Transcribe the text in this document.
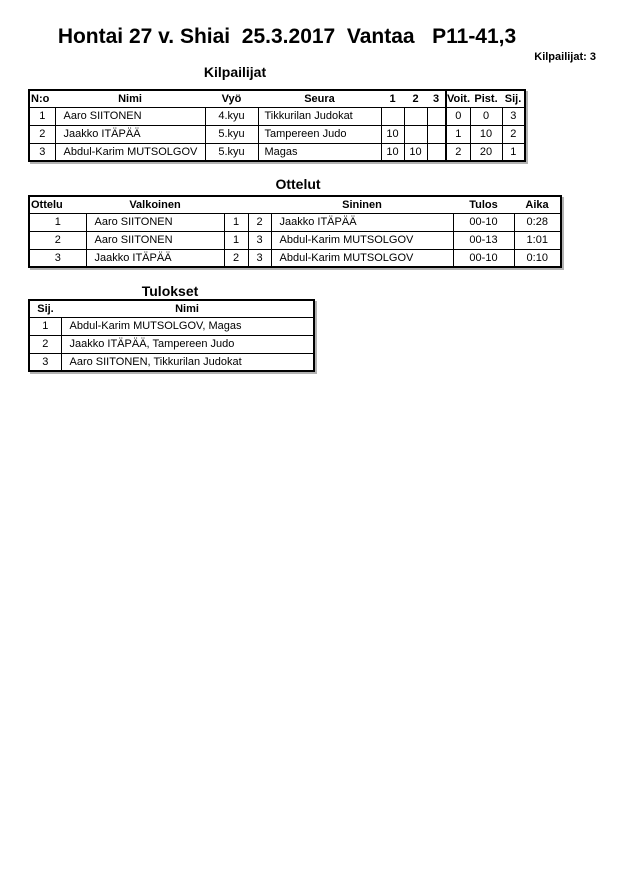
Hontai 27 v. Shiai  25.3.2017  Vantaa   P11-41,3
Kilpailijat: 3
Kilpailijat
N:o	Nimi	Vyö	Seura	1	2	3	Voit.	Pist.	Sij.
1	Aaro SIITONEN	4.kyu	Tikkurilan Judokat				0	0	3
2	Jaakko ITÄPÄÄ	5.kyu	Tampereen Judo	10			1	10	2
3	Abdul-Karim MUTSOLGOV	5.kyu	Magas	10	10		2	20	1
Ottelut
Ottelu	Valkoinen			Sininen	Tulos	Aika
1	Aaro SIITONEN	1	2	Jaakko ITÄPÄÄ	00-10	0:28
2	Aaro SIITONEN	1	3	Abdul-Karim MUTSOLGOV	00-13	1:01
3	Jaakko ITÄPÄÄ	2	3	Abdul-Karim MUTSOLGOV	00-10	0:10
Tulokset
Sij.	Nimi
1	Abdul-Karim MUTSOLGOV, Magas
2	Jaakko ITÄPÄÄ, Tampereen Judo
3	Aaro SIITONEN, Tikkurilan Judokat
